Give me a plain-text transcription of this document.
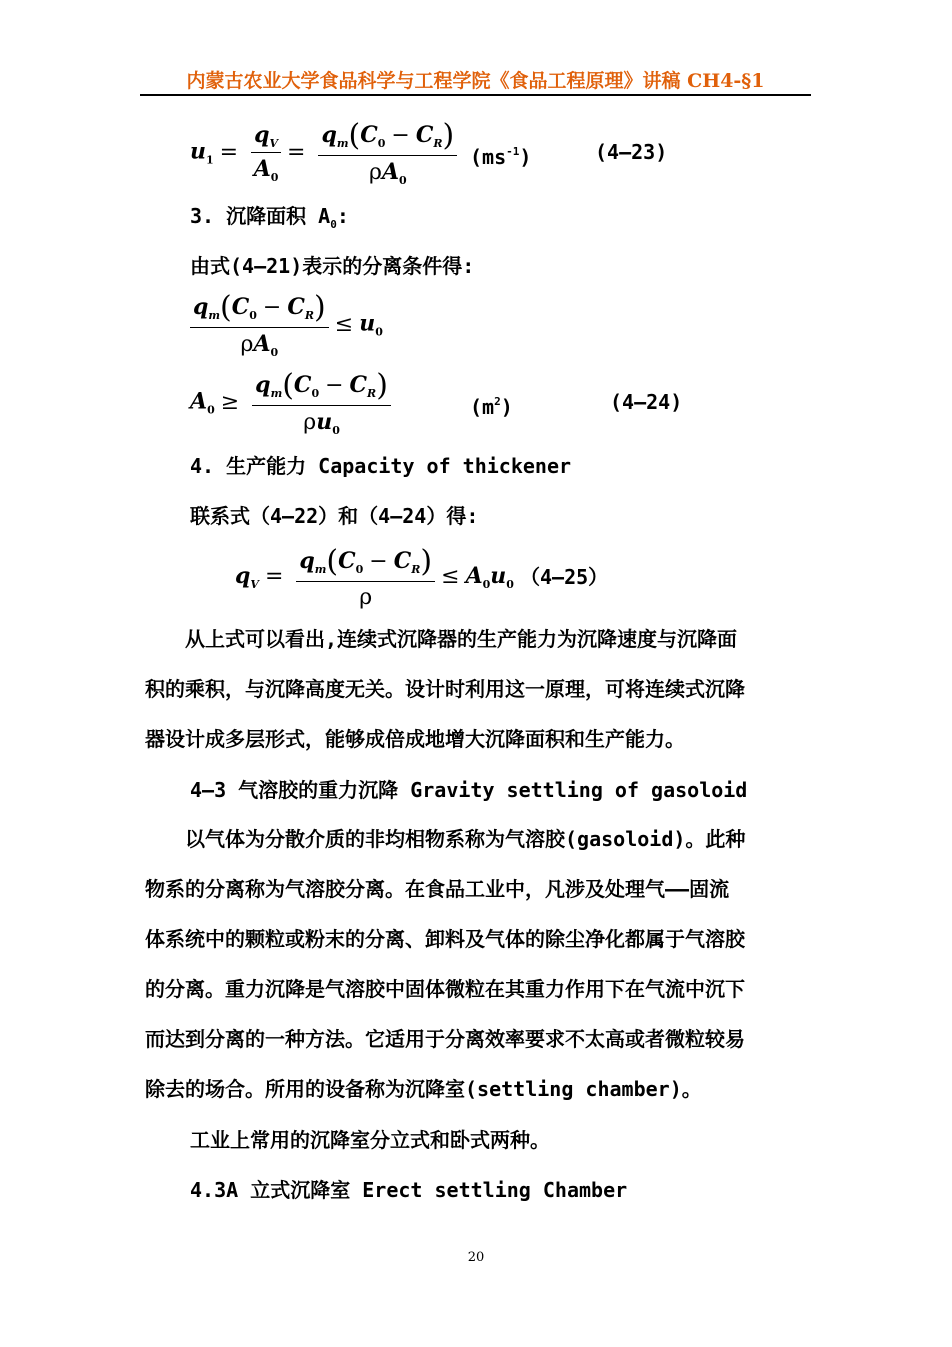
内蒙古农业大学食品科学与工程学院《食品工程原理》讲稿 CH4-§1
$u_1 = \frac{q_V}{A_0} = \frac{q_m(C_0 - C_R)}{\rho A_0} (ms^{-1})$	(4—23)
3. 沉降面积 $A_0$:
由式(4—21)表示的分离条件得:
$\frac{q_m(C_0 - C_R)}{\rho A_0} \le u_0$
$A_0 \ge \frac{q_m(C_0 - C_R)}{\rho u_0}$	$(m^2)$	(4—24)
4. 生产能力 Capacity of thickener
联系式（4—22）和（4—24）得:
$q_V = \frac{q_m(C_0 - C_R)}{\rho} \le A_0u_0$ （4—25）
　　从上式可以看出,连续式沉降器的生产能力为沉降速度与沉降面
积的乘积，与沉降高度无关。设计时利用这一原理，可将连续式沉降
器设计成多层形式，能够成倍成地增大沉降面积和生产能力。
4—3 气溶胶的重力沉降 Gravity settling of gasoloid
　　以气体为分散介质的非均相物系称为气溶胶(gasoloid)。此种
物系的分离称为气溶胶分离。在食品工业中，凡涉及处理气——固流
体系统中的颗粒或粉末的分离、卸料及气体的除尘净化都属于气溶胶
的分离。重力沉降是气溶胶中固体微粒在其重力作用下在气流中沉下
而达到分离的一种方法。它适用于分离效率要求不太高或者微粒较易
除去的场合。所用的设备称为沉降室(settling chamber)。
工业上常用的沉降室分立式和卧式两种。
4.3A 立式沉降室 Erect settling Chamber
20
